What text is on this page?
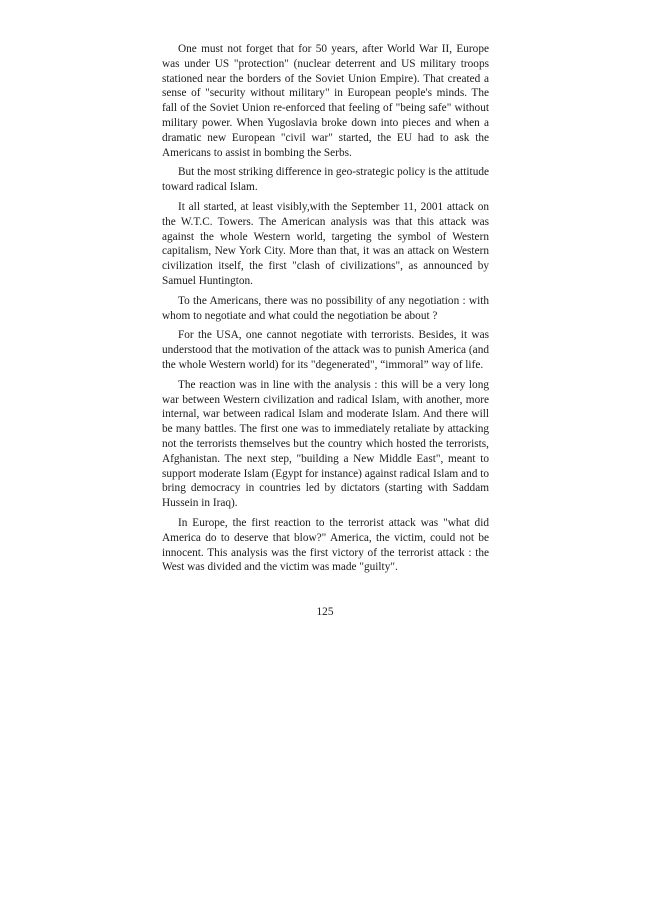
One must not forget that for 50 years, after World War II, Europe was under US "protection" (nuclear deterrent and US military troops stationed near the borders of the Soviet Union Empire). That created a sense of "security without military" in European people's minds. The fall of the Soviet Union re-enforced that feeling of "being safe" without military power. When Yugoslavia broke down into pieces and when a dramatic new European "civil war" started, the EU had to ask the Americans to assist in bombing the Serbs.

But the most striking difference in geo-strategic policy is the attitude toward radical Islam.

It all started, at least visibly,with the September 11, 2001 attack on the W.T.C. Towers. The American analysis was that this attack was against the whole Western world, targeting the symbol of Western capitalism, New York City. More than that, it was an attack on Western civilization itself, the first "clash of civilizations", as announced by Samuel Huntington.

To the Americans, there was no possibility of any negotiation : with whom to negotiate and what could the negotiation be about ?

For the USA, one cannot negotiate with terrorists. Besides, it was understood that the motivation of the attack was to punish America (and the whole Western world) for its "degenerated", “immoral” way of life.

The reaction was in line with the analysis : this will be a very long war between Western civilization and radical Islam, with another, more internal, war between radical Islam and moderate Islam. And there will be many battles. The first one was to immediately retaliate by attacking not the terrorists themselves but the country which hosted the terrorists, Afghanistan. The next step, "building a New Middle East", meant to support moderate Islam (Egypt for instance) against radical Islam and to bring democracy in countries led by dictators (starting with Saddam Hussein in Iraq).

In Europe, the first reaction to the terrorist attack was "what did America do to deserve that blow?" America, the victim, could not be innocent. This analysis was the first victory of the terrorist attack : the West was divided and the victim was made "guilty".

125
